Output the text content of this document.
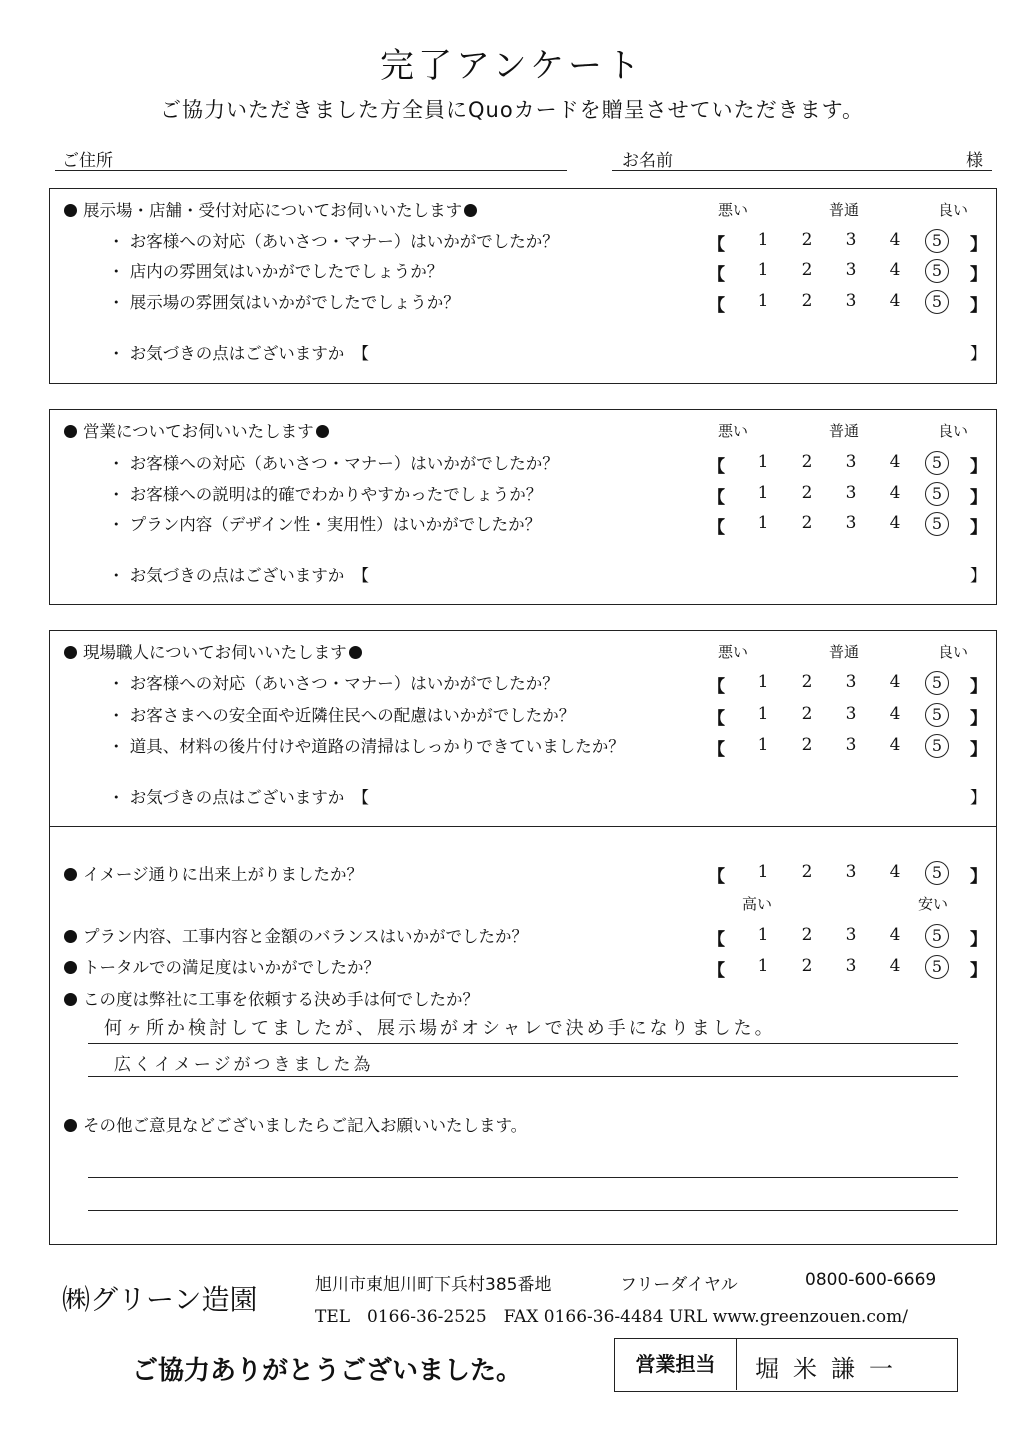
完了アンケート
ご協力いただきました方全員にQuoカードを贈呈させていただきます。
ご住所	お名前	様
展示場・店舗・受付対応についてお伺いいたします	悪い	普通	良い
・ お客様への対応（あいさつ・マナー）はいかがでしたか？	【	1	2	3	4	5	】
・ 店内の雰囲気はいかがでしたでしょうか？	【	1	2	3	4	5	】
・ 展示場の雰囲気はいかがでしたでしょうか？	【	1	2	3	4	5	】
・ お気づきの点はございますか　 【	】
営業についてお伺いいたします	悪い	普通	良い
・ お客様への対応（あいさつ・マナー）はいかがでしたか？	【	1	2	3	4	5	】
・ お客様への説明は的確でわかりやすかったでしょうか？	【	1	2	3	4	5	】
・ プラン内容（デザイン性・実用性）はいかがでしたか？	【	1	2	3	4	5	】
・ お気づきの点はございますか　 【	】
現場職人についてお伺いいたします	悪い	普通	良い
・ お客様への対応（あいさつ・マナー）はいかがでしたか？	【	1	2	3	4	5	】
・ お客さまへの安全面や近隣住民への配慮はいかがでしたか？	【	1	2	3	4	5	】
・ 道具、材料の後片付けや道路の清掃はしっかりできていましたか？	【	1	2	3	4	5	】
・ お気づきの点はございますか　 【	】
イメージ通りに出来上がりましたか？	【	1	2	3	4	5	】
高い	安い
プラン内容、工事内容と金額のバランスはいかがでしたか？	【	1	2	3	4	5	】
トータルでの満足度はいかがでしたか？	【	1	2	3	4	5	】
この度は弊社に工事を依頼する決め手は何でしたか？
何ヶ所か検討してましたが、展示場がオシャレで決め手になりました。
広くイメージがつきました為
その他ご意見などございましたらご記入お願いいたします。
㈱グリーン造園	旭川市東旭川町下兵村385番地	フリーダイヤル	0800-600-6669
TEL　0166-36-2525　FAX 0166-36-4484 URL www.greenzouen.com/
ご協力ありがとうございました。	営業担当	堀米謙一
